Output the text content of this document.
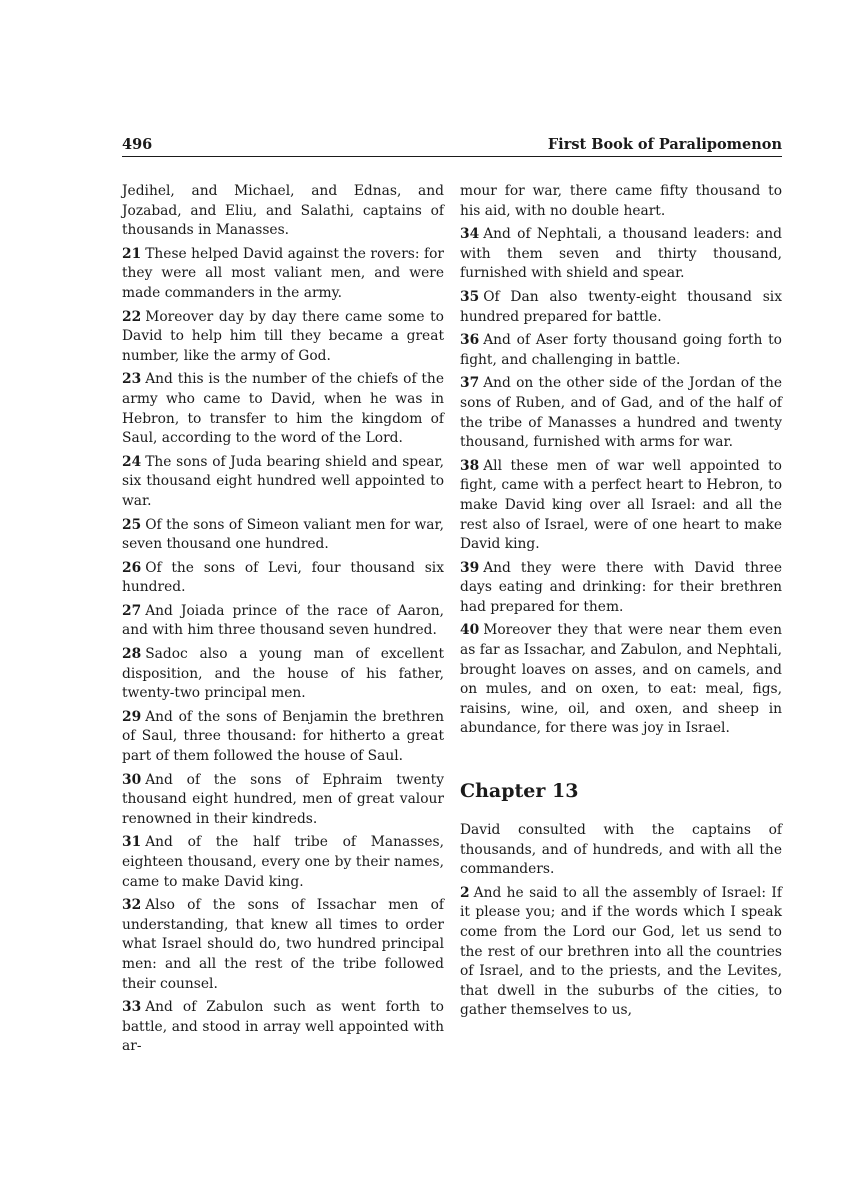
496	First Book of Paralipomenon

Jedihel, and Michael, and Ednas, and Jozabad, and Eliu, and Salathi, captains of thousands in Manasses.

21 These helped David against the rovers: for they were all most valiant men, and were made commanders in the army.

22 Moreover day by day there came some to David to help him till they became a great number, like the army of God.

23 And this is the number of the chiefs of the army who came to David, when he was in Hebron, to transfer to him the kingdom of Saul, according to the word of the Lord.

24 The sons of Juda bearing shield and spear, six thousand eight hundred well appointed to war.

25 Of the sons of Simeon valiant men for war, seven thousand one hundred.

26 Of the sons of Levi, four thousand six hundred.

27 And Joiada prince of the race of Aaron, and with him three thousand seven hundred.

28 Sadoc also a young man of excellent disposition, and the house of his father, twenty-two principal men.

29 And of the sons of Benjamin the brethren of Saul, three thousand: for hitherto a great part of them followed the house of Saul.

30 And of the sons of Ephraim twenty thousand eight hundred, men of great valour renowned in their kindreds.

31 And of the half tribe of Manasses, eighteen thousand, every one by their names, came to make David king.

32 Also of the sons of Issachar men of understanding, that knew all times to order what Israel should do, two hundred principal men: and all the rest of the tribe followed their counsel.

33 And of Zabulon such as went forth to battle, and stood in array well appointed with ar-

mour for war, there came fifty thousand to his aid, with no double heart.

34 And of Nephtali, a thousand leaders: and with them seven and thirty thousand, furnished with shield and spear.

35 Of Dan also twenty-eight thousand six hundred prepared for battle.

36 And of Aser forty thousand going forth to fight, and challenging in battle.

37 And on the other side of the Jordan of the sons of Ruben, and of Gad, and of the half of the tribe of Manasses a hundred and twenty thousand, furnished with arms for war.

38 All these men of war well appointed to fight, came with a perfect heart to Hebron, to make David king over all Israel: and all the rest also of Israel, were of one heart to make David king.

39 And they were there with David three days eating and drinking: for their brethren had prepared for them.

40 Moreover they that were near them even as far as Issachar, and Zabulon, and Nephtali, brought loaves on asses, and on camels, and on mules, and on oxen, to eat: meal, figs, raisins, wine, oil, and oxen, and sheep in abundance, for there was joy in Israel.

Chapter 13

David consulted with the captains of thousands, and of hundreds, and with all the commanders.

2 And he said to all the assembly of Israel: If it please you; and if the words which I speak come from the Lord our God, let us send to the rest of our brethren into all the countries of Israel, and to the priests, and the Levites, that dwell in the suburbs of the cities, to gather themselves to us,
